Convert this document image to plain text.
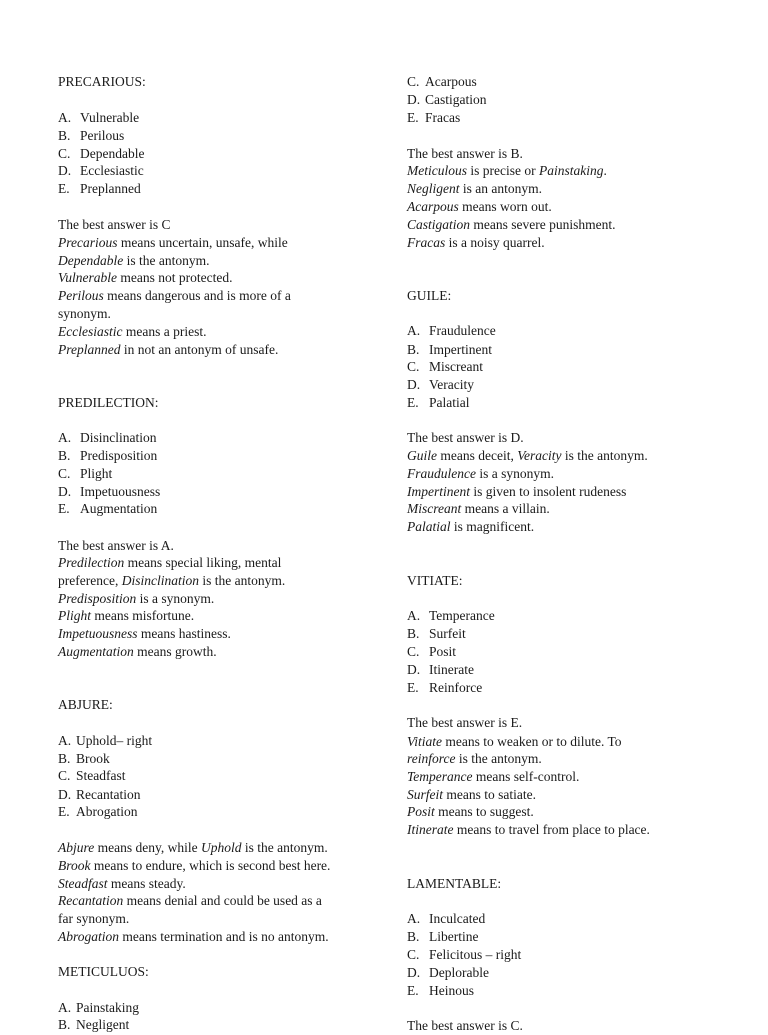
PRECARIOUS:
A. Vulnerable
B. Perilous
C. Dependable
D. Ecclesiastic
E. Preplanned
The best answer is C
Precarious means uncertain, unsafe, while
Dependable is the antonym.
Vulnerable means not protected.
Perilous means dangerous and is more of a
synonym.
Ecclesiastic means a priest.
Preplanned in not an antonym of unsafe.
PREDILECTION:
A. Disinclination
B. Predisposition
C. Plight
D. Impetuousness
E. Augmentation
The best answer is A.
Predilection means special liking, mental
preference, Disinclination is the antonym.
Predisposition is a synonym.
Plight means misfortune.
Impetuousness means hastiness.
Augmentation means growth.
ABJURE:
A. Uphold– right
B. Brook
C. Steadfast
D. Recantation
E. Abrogation
Abjure means deny, while Uphold is the antonym.
Brook means to endure, which is second best here.
Steadfast means steady.
Recantation means denial and could be used as a
far synonym.
Abrogation means termination and is no antonym.
METICULUOS:
A. Painstaking
B. Negligent
C. Acarpous
D. Castigation
E. Fracas
The best answer is B.
Meticulous is precise or Painstaking.
Negligent is an antonym.
Acarpous means worn out.
Castigation means severe punishment.
Fracas is a noisy quarrel.
GUILE:
A. Fraudulence
B. Impertinent
C. Miscreant
D. Veracity
E. Palatial
The best answer is D.
Guile means deceit, Veracity is the antonym.
Fraudulence is a synonym.
Impertinent is given to insolent rudeness
Miscreant means a villain.
Palatial is magnificent.
VITIATE:
A. Temperance
B. Surfeit
C. Posit
D. Itinerate
E. Reinforce
The best answer is E.
Vitiate means to weaken or to dilute. To
reinforce is the antonym.
Temperance means self-control.
Surfeit means to satiate.
Posit means to suggest.
Itinerate means to travel from place to place.
LAMENTABLE:
A. Inculcated
B. Libertine
C. Felicitous – right
D. Deplorable
E. Heinous
The best answer is C.
